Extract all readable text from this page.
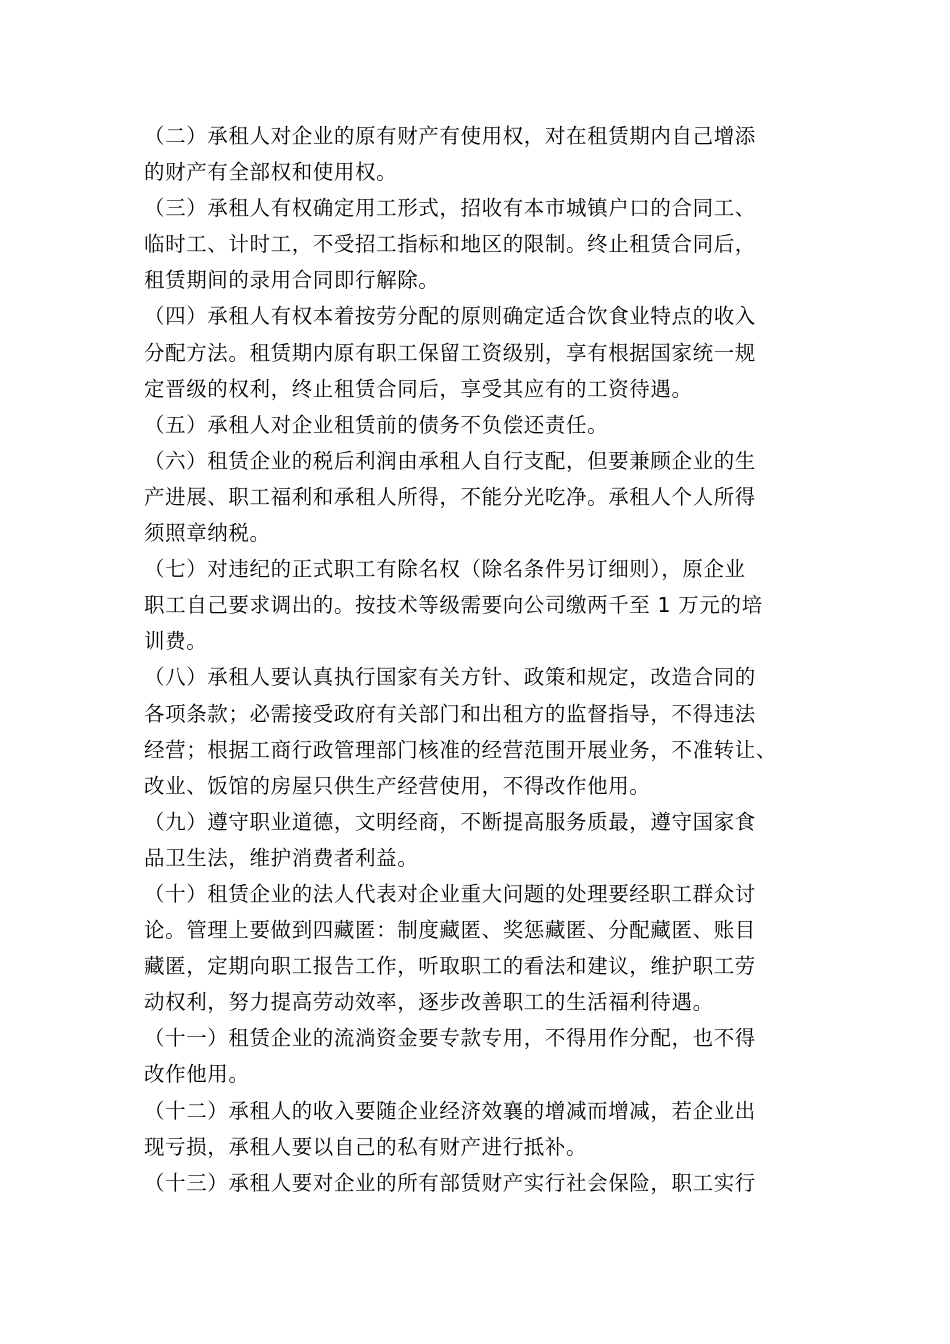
（二）承租人对企业的原有财产有使用权，对在租赁期内自己增添
的财产有全部权和使用权。

（三）承租人有权确定用工形式，招收有本市城镇户口的合同工、
临时工、计时工，不受招工指标和地区的限制。终止租赁合同后，
租赁期间的录用合同即行解除。

（四）承租人有权本着按劳分配的原则确定适合饮食业特点的收入
分配方法。租赁期内原有职工保留工资级别，享有根据国家统一规
定晋级的权利，终止租赁合同后，享受其应有的工资待遇。

（五）承租人对企业租赁前的债务不负偿还责任。

（六）租赁企业的税后利润由承租人自行支配，但要兼顾企业的生
产进展、职工福利和承租人所得，不能分光吃净。承租人个人所得
须照章纳税。

（七）对违纪的正式职工有除名权（除名条件另订细则），原企业
职工自己要求调出的。按技术等级需要向公司缴两千至 1 万元的培
训费。

（八）承租人要认真执行国家有关方针、政策和规定，改造合同的
各项条款；必需接受政府有关部门和出租方的监督指导，不得违法
经营；根据工商行政管理部门核准的经营范围开展业务，不准转让、
改业、饭馆的房屋只供生产经营使用，不得改作他用。

（九）遵守职业道德，文明经商，不断提高服务质最，遵守国家食
品卫生法，维护消费者利益。

（十）租赁企业的法人代表对企业重大问题的处理要经职工群众讨
论。管理上要做到四藏匿：制度藏匿、奖惩藏匿、分配藏匿、账目
藏匿，定期向职工报告工作，听取职工的看法和建议，维护职工劳
动权利，努力提高劳动效率，逐步改善职工的生活福利待遇。

（十一）租赁企业的流淌资金要专款专用，不得用作分配，也不得
改作他用。

（十二）承租人的收入要随企业经济效襄的增减而增减，若企业出
现亏损，承租人要以自己的私有财产进行抵补。

（十三）承租人要对企业的所有部赁财产实行社会保险，职工实行
